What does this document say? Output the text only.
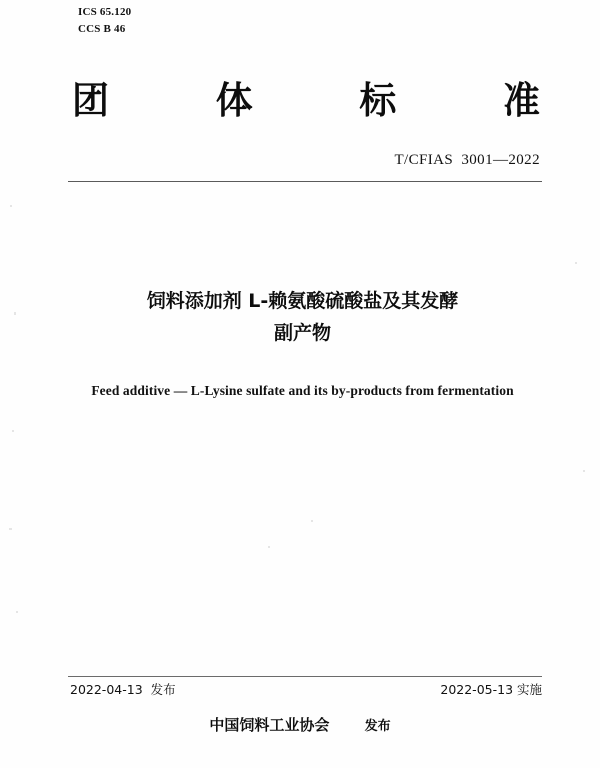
ICS 65.120
CCS B 46
团	体	标	准
T/CFIAS  3001—2022
饲料添加剂 L-赖氨酸硫酸盐及其发酵
副产物
Feed additive — L-Lysine sulfate and its by-products from fermentation
2022-04-13  发布	2022-05-13 实施
中国饲料工业协会	发布
